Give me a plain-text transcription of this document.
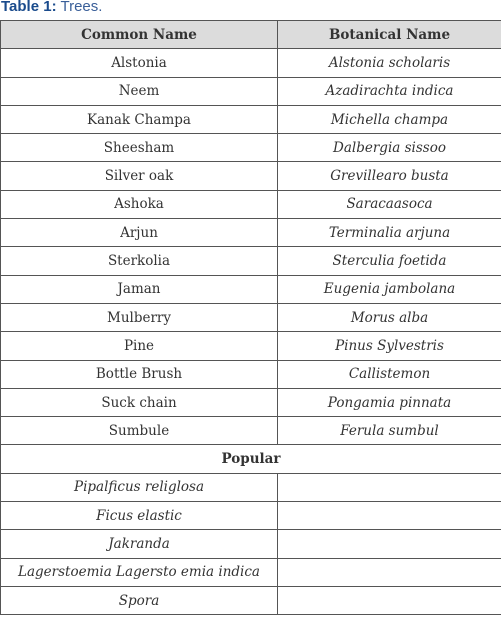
Table 1: Trees.
Common Name	Botanical Name
Alstonia	Alstonia scholaris
Neem	Azadirachta indica
Kanak Champa	Michella champa
Sheesham	Dalbergia sissoo
Silver oak	Grevilleаro busta
Ashoka	Saracaasoca
Arjun	Terminalia arjuna
Sterkolia	Sterculia foetida
Jaman	Eugenia jambolana
Mulberry	Morus alba
Pine	Pinus Sylvestris
Bottle Brush	Callistemon
Suck chain	Pongamia pinnata
Sumbule	Ferula sumbul
Popular	
Pipalficus religlosa	
Ficus elastic	
Jakranda	
Lagerstoemia Lagersto emia indica	
Spora	
